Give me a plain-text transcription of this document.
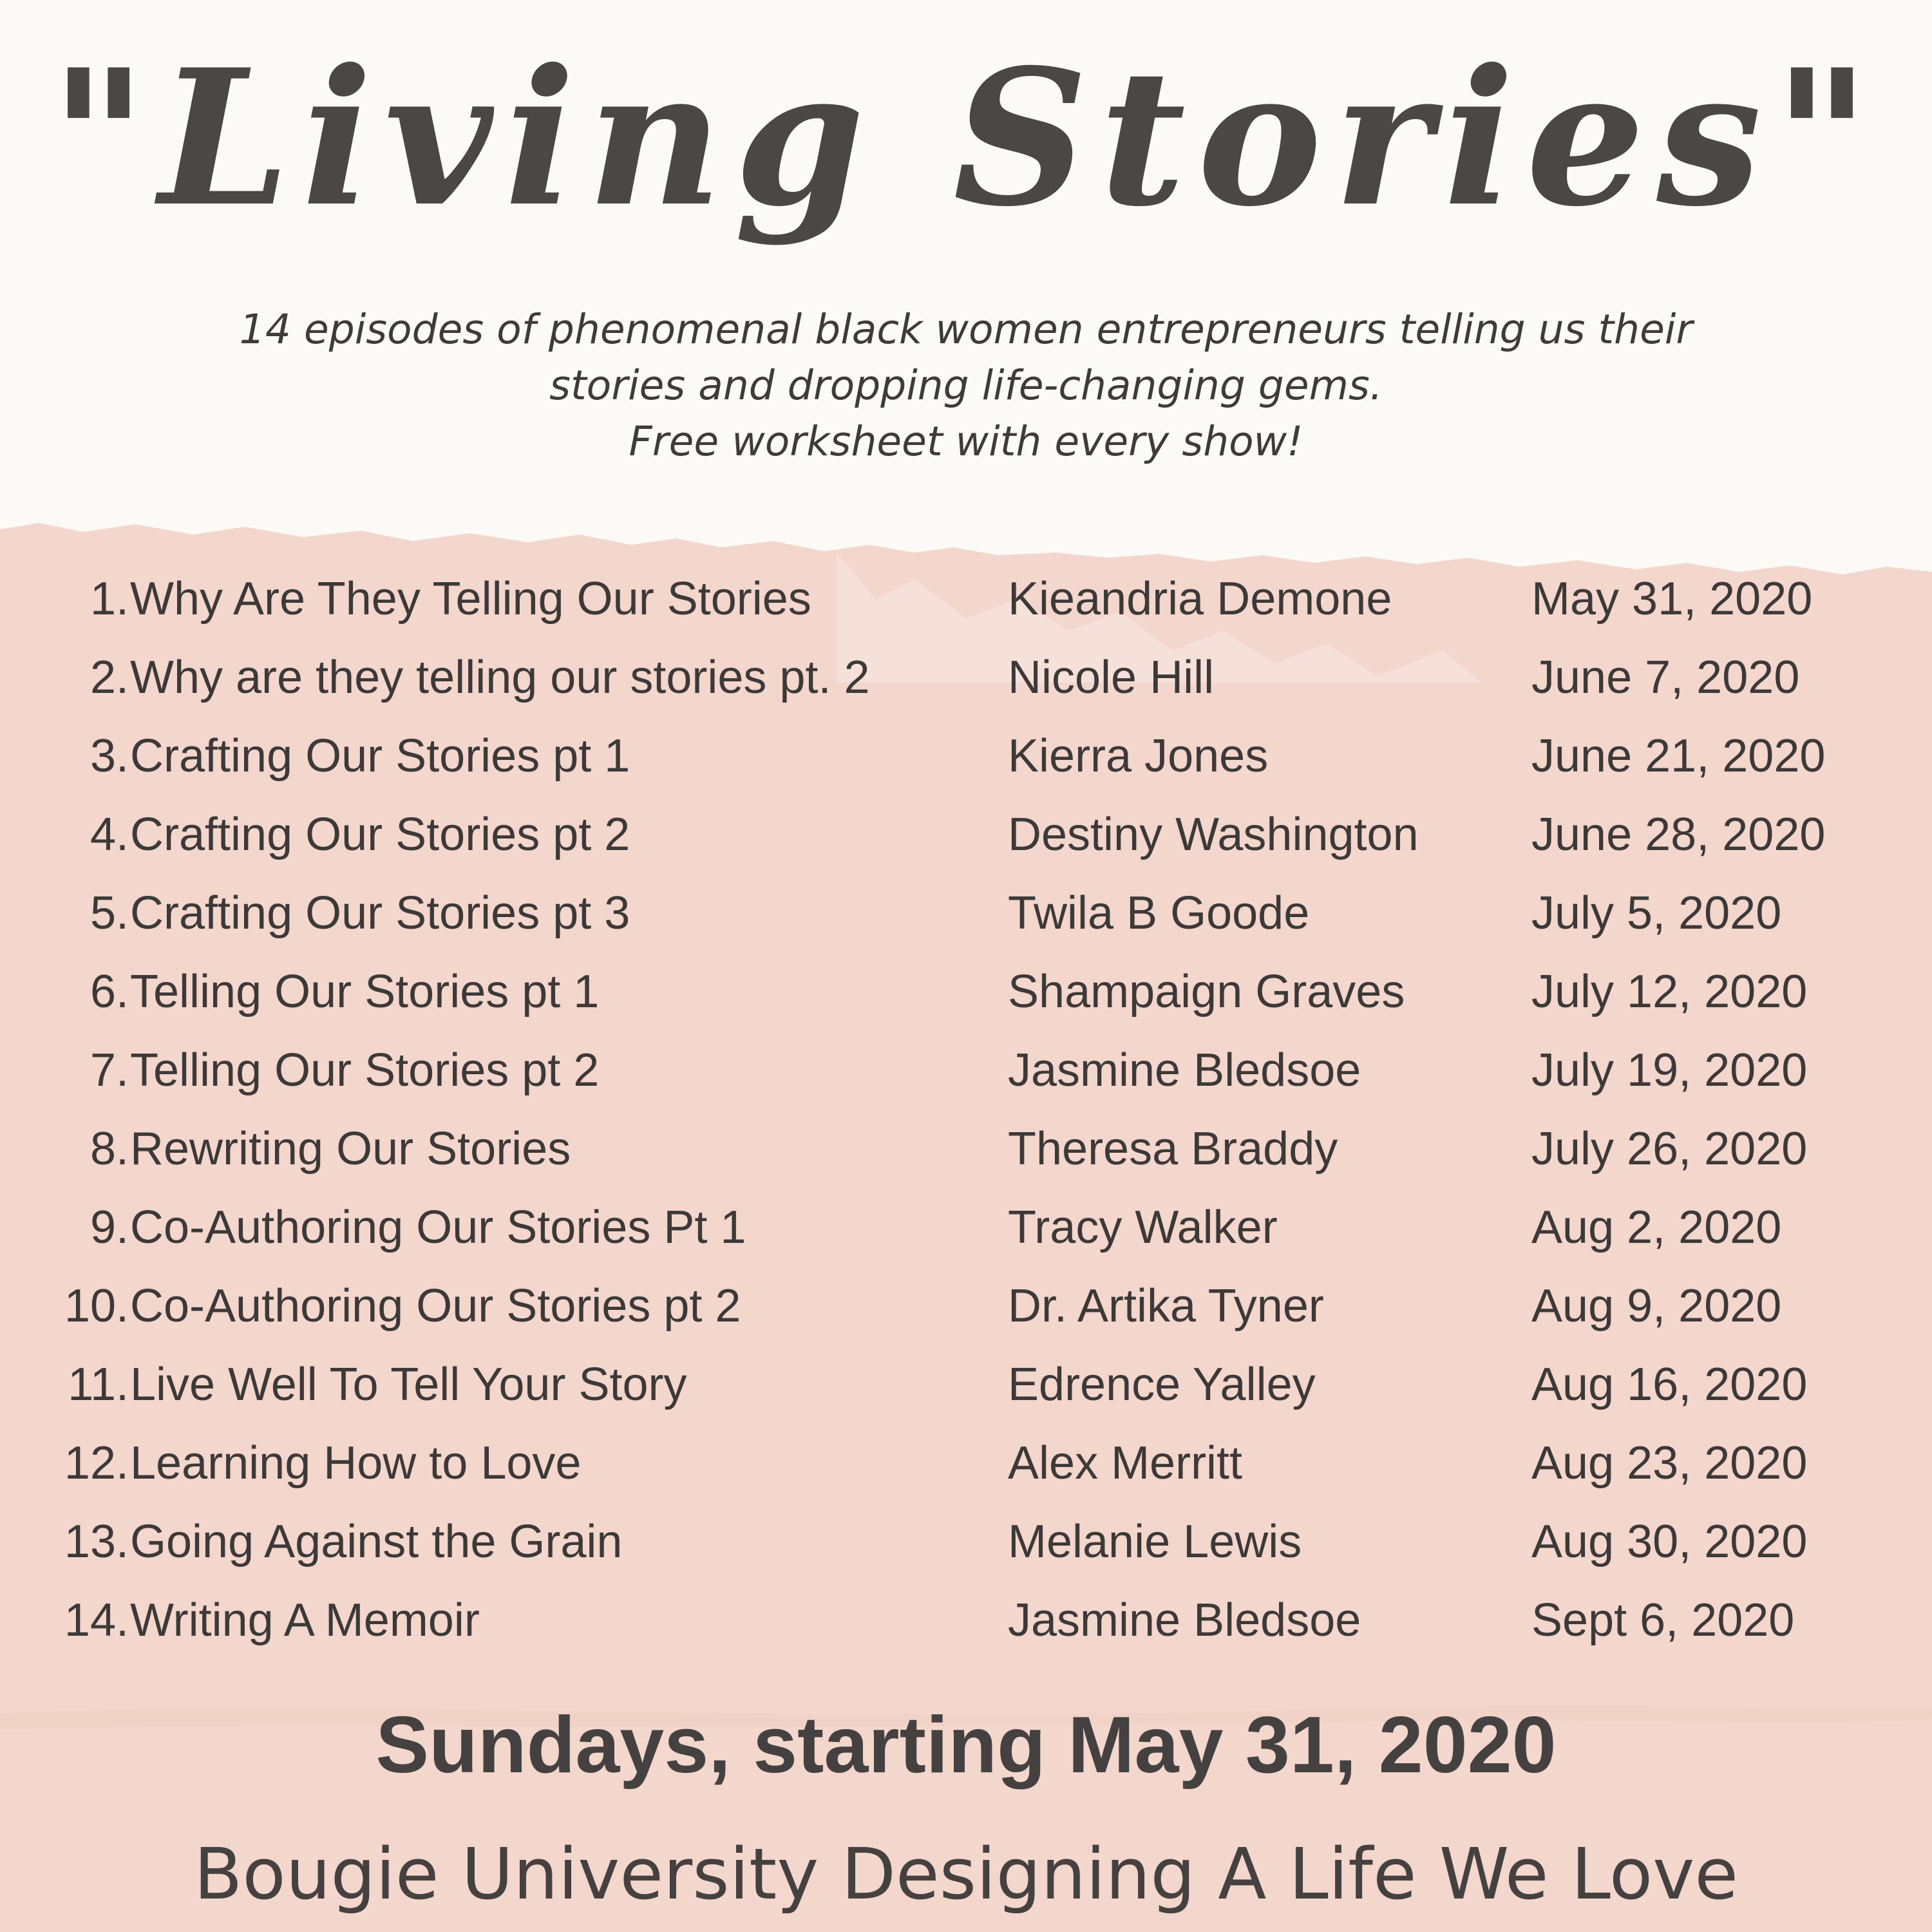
"Living Stories"
14 episodes of phenomenal black women entrepreneurs telling us their
stories and dropping life-changing gems.
Free worksheet with every show!
1. Why Are They Telling Our Stories	Kieandria Demone	May 31, 2020
2. Why are they telling our stories pt. 2	Nicole Hill	June 7, 2020
3. Crafting Our Stories pt 1	Kierra Jones	June 21, 2020
4. Crafting Our Stories pt 2	Destiny Washington June 28, 2020
5. Crafting Our Stories pt 3	Twila B Goode	July 5, 2020
6. Telling Our Stories pt 1	Shampaign Graves	July 12, 2020
7. Telling Our Stories pt 2	Jasmine Bledsoe	July 19, 2020
8. Rewriting Our Stories	Theresa Braddy	July 26, 2020
9. Co-Authoring Our Stories Pt 1	Tracy Walker	Aug 2, 2020
10. Co-Authoring Our Stories pt 2	Dr. Artika Tyner	Aug 9, 2020
11. Live Well To Tell Your Story	Edrence Yalley	Aug 16, 2020
12. Learning How to Love	Alex Merritt	Aug 23, 2020
13. Going Against the Grain	Melanie Lewis	Aug 30, 2020
14. Writing A Memoir	Jasmine Bledsoe	Sept 6, 2020
Sundays, starting May 31, 2020
Bougie University Designing A Life We Love
